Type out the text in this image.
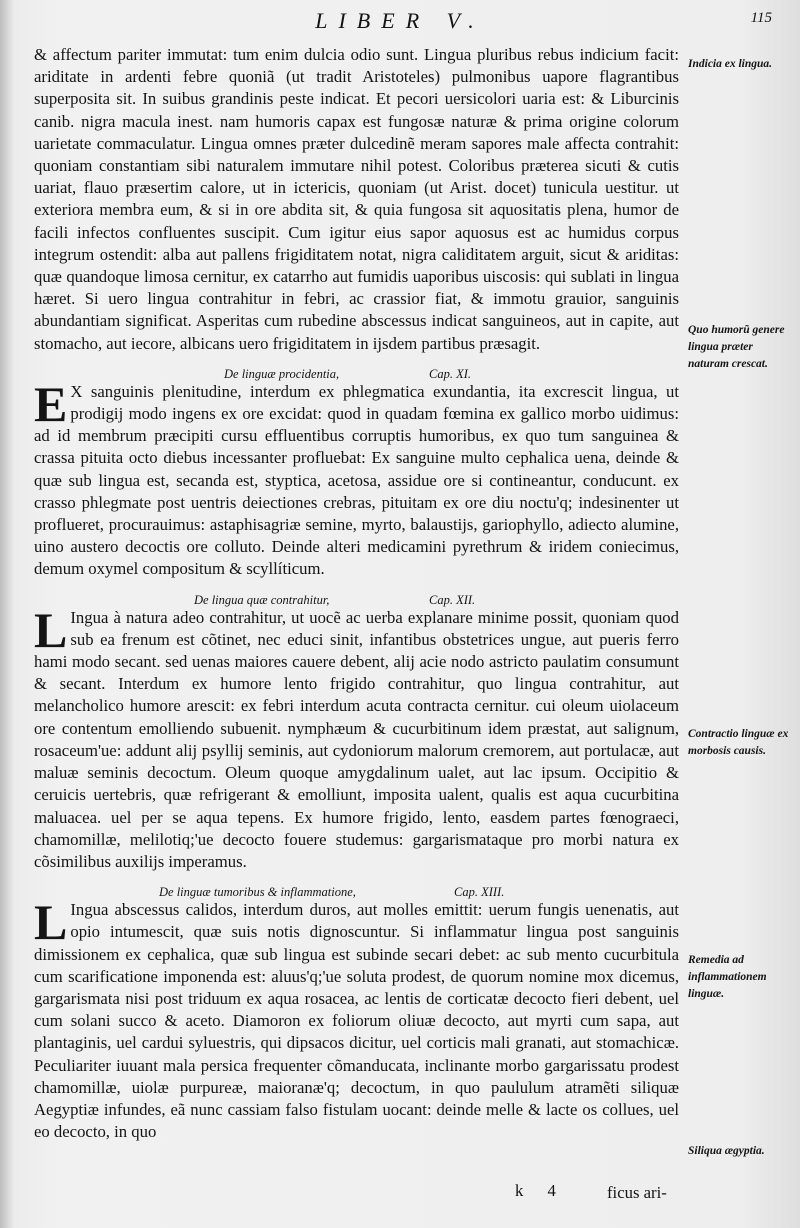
LIBER V.	115

& affectum pariter immutat: tum enim dulcia odio sunt. Lingua pluribus rebus indicium facit: ariditate in ardenti febre quoniã (ut tradit Aristoteles) pulmonibus uapore flagrantibus superposita sit. In suibus grandinis peste indicat. Et pecori uersicolori uaria est: & Liburcinis canib. nigra macula inest. nam humoris capax est fungosæ naturæ & prima origine colorum uarietate commaculatur. Lingua omnes præter dulcedinẽ meram sapores male affecta contrahit: quoniam constantiam sibi naturalem immutare nihil potest. Coloribus præterea sicuti & cutis uariat, flauo præsertim calore, ut in ictericis, quoniam (ut Arist. docet) tunicula uestitur. ut exteriora membra eum, & si in ore abdita sit, & quia fungosa sit aquositatis plena, humor de facili infectos confluentes suscipit. Cum igitur eius sapor aquosus est ac humidus corpus integrum ostendit: alba aut pallens frigiditatem notat, nigra caliditatem arguit, sicut & ariditas: quæ quandoque limosa cernitur, ex catarrho aut fumidis uaporibus uiscosis: qui sublati in lingua hæret. Si uero lingua contrahitur in febri, ac crassior fiat, & immotu grauior, sanguinis abundantiam significat. Asperitas cum rubedine abscessus indicat sanguineos, aut in capite, aut stomacho, aut iecore, albicans uero frigiditatem in ijsdem partibus præsagit.

De linguæ procidentia,	Cap. XI.

E X sanguinis plenitudine, interdum ex phlegmatica exundantia, ita excrescit lingua, ut prodigij modo ingens ex ore excidat: quod in quadam fœmina ex gallico morbo uidimus: ad id membrum præcipiti cursu effluentibus corruptis humoribus, ex quo tum sanguinea & crassa pituita octo diebus incessanter profluebat: Ex sanguine multo cephalica uena, deinde & quæ sub lingua est, secanda est, styptica, acetosa, assidue ore si contineantur, conducunt. ex crasso phlegmate post uentris deiectiones crebras, pituitam ex ore diu noctu'q; indesinenter ut proflueret, procurauimus: astaphisagriæ semine, myrto, balaustijs, gariophyllo, adiecto alumine, uino austero decoctis ore colluto. Deinde alteri medicamini pyrethrum & iridem coniecimus, demum oxymel compositum & scyllíticum.

De lingua quæ contrahitur,	Cap. XII.

L Ingua à natura adeo contrahitur, ut uocẽ ac uerba explanare minime possit, quoniam quod sub ea frenum est cõtinet, nec educi sinit, infantibus obstetrices ungue, aut pueris ferro hami modo secant. sed uenas maiores cauere debent, alij acie nodo astricto paulatim consumunt & secant. Interdum ex humore lento frigido contrahitur, quo lingua contrahitur, aut melancholico humore arescit: ex febri interdum acuta contracta cernitur. cui oleum uiolaceum ore contentum emolliendo subuenit. nymphæum & cucurbitinum idem præstat, aut salignum, rosaceum'ue: addunt alij psyllij seminis, aut cydoniorum malorum cremorem, aut portulacæ, aut maluæ seminis decoctum. Oleum quoque amygdalinum ualet, aut lac ipsum. Occipitio & ceruicis uertebris, quæ refrigerant & emolliunt, imposita ualent, qualis est aqua cucurbitina maluacea. uel per se aqua tepens. Ex humore frigido, lento, easdem partes fœnograeci, chamomillæ, melilotiq;'ue decocto fouere studemus: gargarismataque pro morbi natura ex cõsimilibus auxilijs imperamus.

De linguæ tumoribus & inflammatione,	Cap. XIII.

L Ingua abscessus calidos, interdum duros, aut molles emittit: uerum fungis uenenatis, aut opio intumescit, quæ suis notis dignoscuntur. Si inflammatur lingua post sanguinis dimissionem ex cephalica, quæ sub lingua est subinde secari debet: ac sub mento cucurbitula cum scarificatione imponenda est: aluus'q;'ue soluta prodest, de quorum nomine mox dicemus, gargarismata nisi post triduum ex aqua rosacea, ac lentis de corticatæ decocto fieri debent, uel cum solani succo & aceto. Diamoron ex foliorum oliuæ decocto, aut myrti cum sapa, aut plantaginis, uel cardui syluestris, qui dipsacos dicitur, uel corticis mali granati, aut stomachicæ. Peculiariter iuuant mala persica frequenter cõmanducata, inclinante morbo gargarissatu prodest chamomillæ, uiolæ purpureæ, maioranæ'q; decoctum, in quo paululum atramẽti siliquæ Aegyptiæ infundes, eã nunc cassiam falso fistulam uocant: deinde melle & lacte os collues, uel eo decocto, in quo

Indicia ex lingua.
Quo humorũ genere lingua præter naturam crescat.
Contractio linguæ ex morbosis causis.
Remedia ad inflammationem linguæ.
Siliqua ægyptia.
k 4 ficus ari-
